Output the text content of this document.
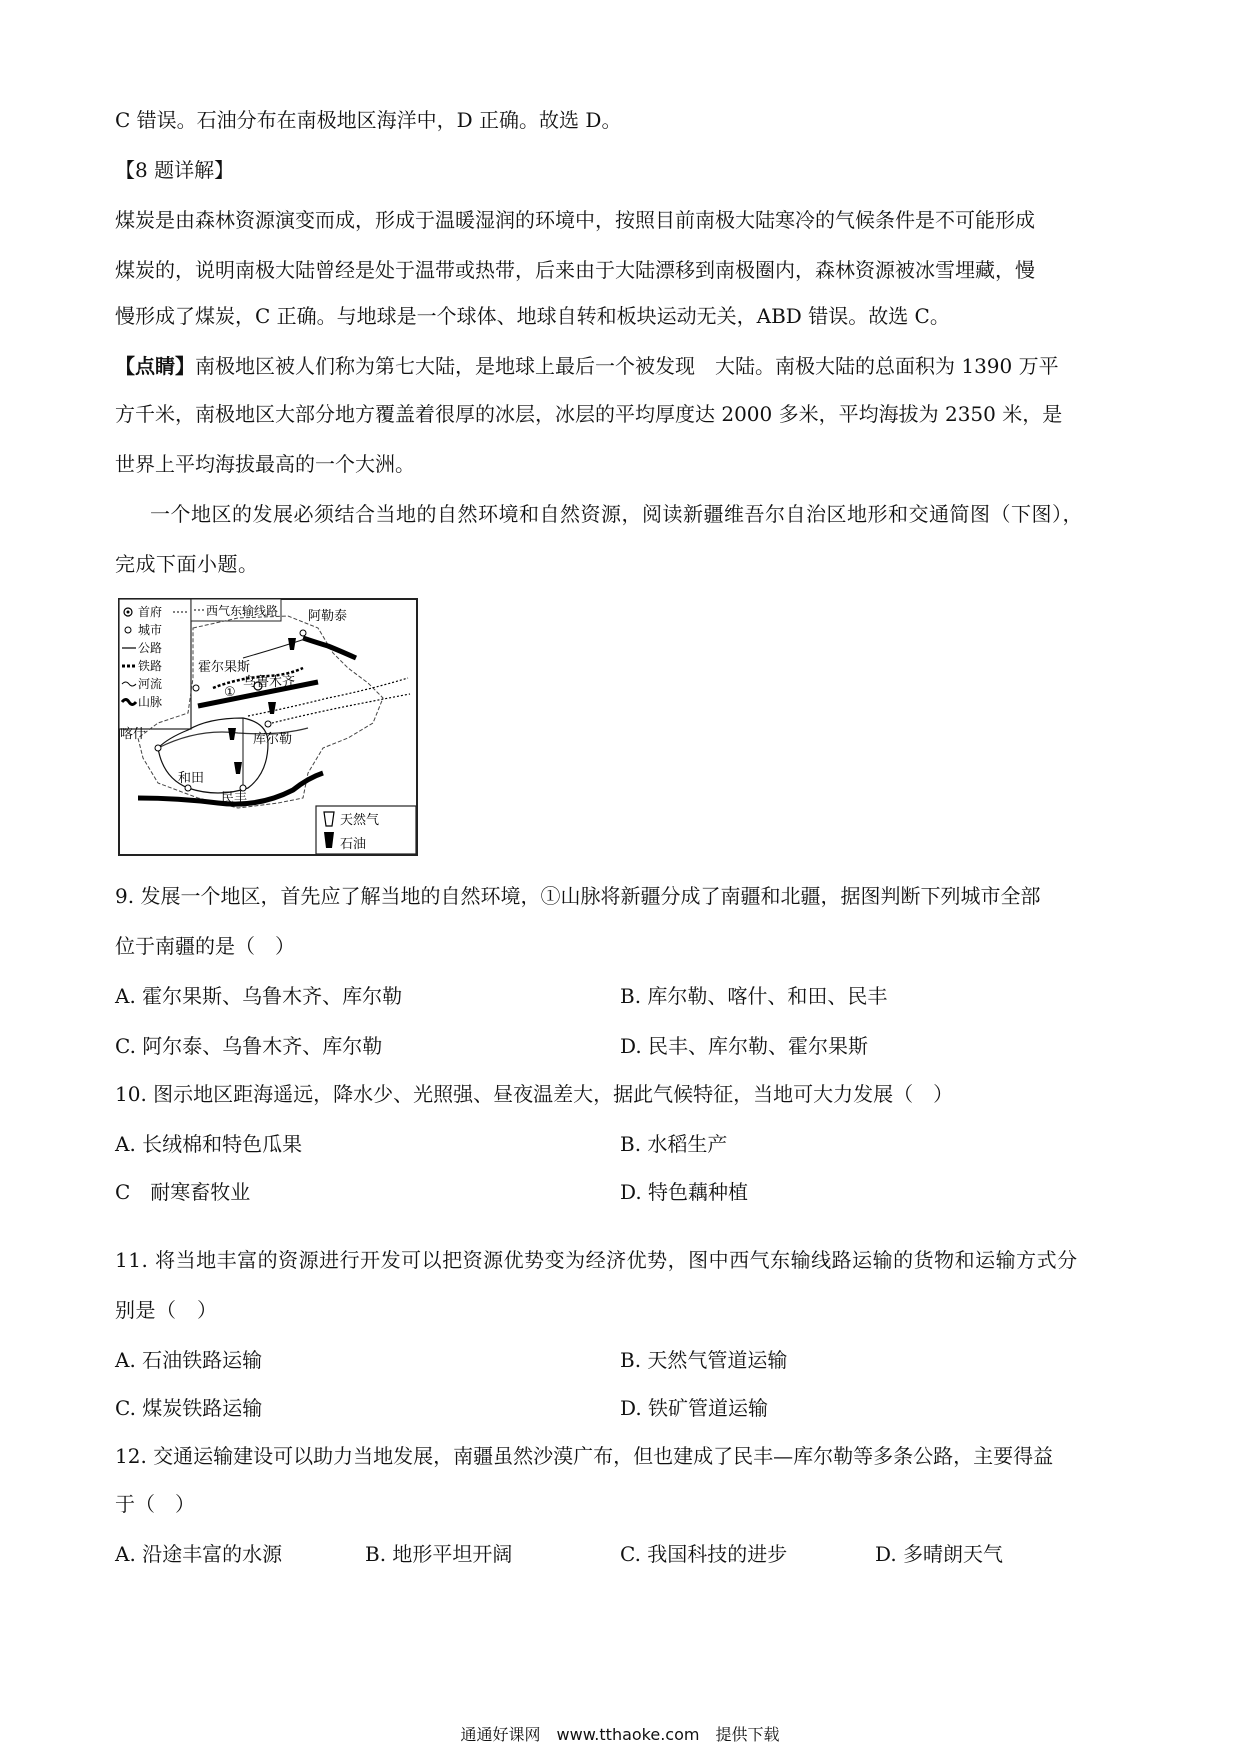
C 错误。石油分布在南极地区海洋中，D 正确。故选 D。
【8 题详解】
煤炭是由森林资源演变而成，形成于温暖湿润的环境中，按照目前南极大陆寒冷的气候条件是不可能形成
煤炭的，说明南极大陆曾经是处于温带或热带，后来由于大陆漂移到南极圈内，森林资源被冰雪埋藏，慢
慢形成了煤炭，C 正确。与地球是一个球体、地球自转和板块运动无关，ABD 错误。故选 C。
【点睛】南极地区被人们称为第七大陆，是地球上最后一个被发现　大陆。南极大陆的总面积为 1390 万平
方千米，南极地区大部分地方覆盖着很厚的冰层，冰层的平均厚度达 2000 多米，平均海拔为 2350 米，是
世界上平均海拔最高的一个大洲。
一个地区的发展必须结合当地的自然环境和自然资源，阅读新疆维吾尔自治区地形和交通简图（下图），
完成下面小题。
首府
城市
公路
铁路
河流
山脉
西气东输线路 阿勒泰
霍尔果斯
乌鲁木齐
①
喀什	库尔勒
和田
民丰
天然气
石油
9. 发展一个地区，首先应了解当地的自然环境，①山脉将新疆分成了南疆和北疆，据图判断下列城市全部
位于南疆的是（　）
A. 霍尔果斯、乌鲁木齐、库尔勒	B. 库尔勒、喀什、和田、民丰
C. 阿尔泰、乌鲁木齐、库尔勒	D. 民丰、库尔勒、霍尔果斯
10. 图示地区距海遥远，降水少、光照强、昼夜温差大，据此气候特征，当地可大力发展（　）
A. 长绒棉和特色瓜果	B. 水稻生产
C　耐寒畜牧业	D. 特色藕种植
11. 将当地丰富的资源进行开发可以把资源优势变为经济优势，图中西气东输线路运输的货物和运输方式分
别是（　）
A. 石油铁路运输	B. 天然气管道运输
C. 煤炭铁路运输	D. 铁矿管道运输
12. 交通运输建设可以助力当地发展，南疆虽然沙漠广布，但也建成了民丰—库尔勒等多条公路，主要得益
于（　）
A. 沿途丰富的水源	B. 地形平坦开阔	C. 我国科技的进步	D. 多晴朗天气
通通好课网　www.tthaoke.com　提供下载
